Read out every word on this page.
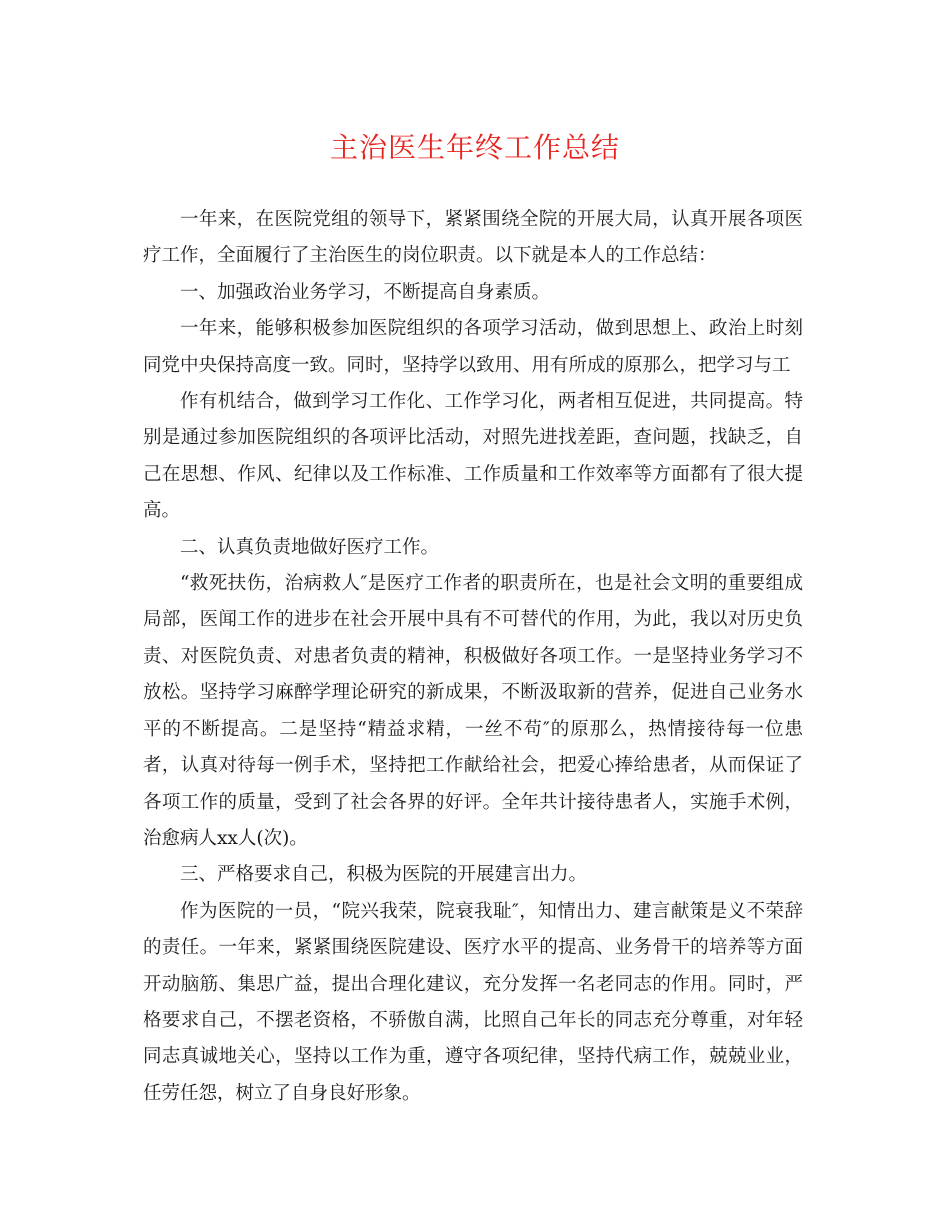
主治医生年终工作总结

一年来，在医院党组的领导下，紧紧围绕全院的开展大局，认真开展各项医疗工作，全面履行了主治医生的岗位职责。以下就是本人的工作总结：

一、加强政治业务学习，不断提高自身素质。

一年来，能够积极参加医院组织的各项学习活动，做到思想上、政治上时刻同党中央保持高度一致。同时，坚持学以致用、用有所成的原那么，把学习与工

作有机结合，做到学习工作化、工作学习化，两者相互促进，共同提高。特别是通过参加医院组织的各项评比活动，对照先进找差距，查问题，找缺乏，自己在思想、作风、纪律以及工作标准、工作质量和工作效率等方面都有了很大提高。

二、认真负责地做好医疗工作。

“救死扶伤，治病救人″是医疗工作者的职责所在，也是社会文明的重要组成局部，医闻工作的进步在社会开展中具有不可替代的作用，为此，我以对历史负责、对医院负责、对患者负责的精神，积极做好各项工作。一是坚持业务学习不放松。坚持学习麻醉学理论研究的新成果，不断汲取新的营养，促进自己业务水平的不断提高。二是坚持“精益求精，一丝不苟″的原那么，热情接待每一位患者，认真对待每一例手术，坚持把工作献给社会，把爱心捧给患者，从而保证了各项工作的质量，受到了社会各界的好评。全年共计接待患者人，实施手术例，治愈病人xx人(次)。

三、严格要求自己，积极为医院的开展建言出力。

作为医院的一员，“院兴我荣，院衰我耻″，知情出力、建言献策是义不荣辞的责任。一年来，紧紧围绕医院建设、医疗水平的提高、业务骨干的培养等方面开动脑筋、集思广益，提出合理化建议，充分发挥一名老同志的作用。同时，严格要求自己，不摆老资格，不骄傲自满，比照自己年长的同志充分尊重，对年轻同志真诚地关心，坚持以工作为重，遵守各项纪律，坚持代病工作，兢兢业业，任劳任怨，树立了自身良好形象。
